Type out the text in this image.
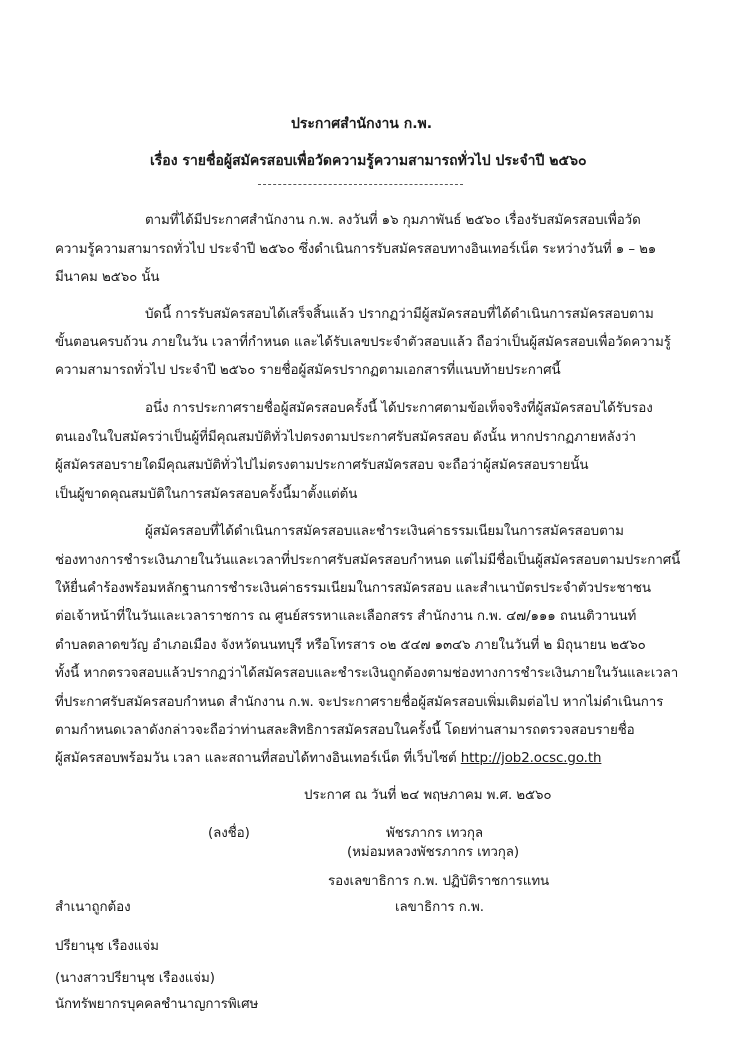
ประกาศสำนักงาน ก.พ.
เรื่อง รายชื่อผู้สมัครสอบเพื่อวัดความรู้ความสามารถทั่วไป ประจำปี ๒๕๖๐
ตามที่ได้มีประกาศสำนักงาน ก.พ. ลงวันที่ ๑๖ กุมภาพันธ์ ๒๕๖๐ เรื่องรับสมัครสอบเพื่อวัด
ความรู้ความสามารถทั่วไป ประจำปี ๒๕๖๐ ซึ่งดำเนินการรับสมัครสอบทางอินเทอร์เน็ต ระหว่างวันที่ ๑ – ๒๑
มีนาคม ๒๕๖๐ นั้น
บัดนี้ การรับสมัครสอบได้เสร็จสิ้นแล้ว ปรากฏว่ามีผู้สมัครสอบที่ได้ดำเนินการสมัครสอบตาม
ขั้นตอนครบถ้วน ภายในวัน เวลาที่กำหนด และได้รับเลขประจำตัวสอบแล้ว ถือว่าเป็นผู้สมัครสอบเพื่อวัดความรู้
ความสามารถทั่วไป ประจำปี ๒๕๖๐ รายชื่อผู้สมัครปรากฏตามเอกสารที่แนบท้ายประกาศนี้
อนึ่ง การประกาศรายชื่อผู้สมัครสอบครั้งนี้ ได้ประกาศตามข้อเท็จจริงที่ผู้สมัครสอบได้รับรอง
ตนเองในใบสมัครว่าเป็นผู้ที่มีคุณสมบัติทั่วไปตรงตามประกาศรับสมัครสอบ ดังนั้น หากปรากฏภายหลังว่า
ผู้สมัครสอบรายใดมีคุณสมบัติทั่วไปไม่ตรงตามประกาศรับสมัครสอบ จะถือว่าผู้สมัครสอบรายนั้น
เป็นผู้ขาดคุณสมบัติในการสมัครสอบครั้งนี้มาตั้งแต่ต้น
ผู้สมัครสอบที่ได้ดำเนินการสมัครสอบและชำระเงินค่าธรรมเนียมในการสมัครสอบตาม
ช่องทางการชำระเงินภายในวันและเวลาที่ประกาศรับสมัครสอบกำหนด แต่ไม่มีชื่อเป็นผู้สมัครสอบตามประกาศนี้
ให้ยื่นคำร้องพร้อมหลักฐานการชำระเงินค่าธรรมเนียมในการสมัครสอบ และสำเนาบัตรประจำตัวประชาชน
ต่อเจ้าหน้าที่ในวันและเวลาราชการ ณ ศูนย์สรรหาและเลือกสรร สำนักงาน ก.พ. ๔๗/๑๑๑ ถนนติวานนท์
ตำบลตลาดขวัญ อำเภอเมือง จังหวัดนนทบุรี หรือโทรสาร ๐๒ ๕๔๗ ๑๓๔๖ ภายในวันที่ ๒ มิถุนายน ๒๕๖๐
ทั้งนี้ หากตรวจสอบแล้วปรากฏว่าได้สมัครสอบและชำระเงินถูกต้องตามช่องทางการชำระเงินภายในวันและเวลา
ที่ประกาศรับสมัครสอบกำหนด สำนักงาน ก.พ. จะประกาศรายชื่อผู้สมัครสอบเพิ่มเติมต่อไป หากไม่ดำเนินการ
ตามกำหนดเวลาดังกล่าวจะถือว่าท่านสละสิทธิการสมัครสอบในครั้งนี้ โดยท่านสามารถตรวจสอบรายชื่อ
ผู้สมัครสอบพร้อมวัน เวลา และสถานที่สอบได้ทางอินเทอร์เน็ต ที่เว็บไซต์ http://job2.ocsc.go.th
ประกาศ ณ วันที่ ๒๔ พฤษภาคม พ.ศ. ๒๕๖๐
(ลงชื่อ)	พัชรภากร เทวกุล
(หม่อมหลวงพัชรภากร เทวกุล)
รองเลขาธิการ ก.พ. ปฏิบัติราชการแทน
เลขาธิการ ก.พ.
สำเนาถูกต้อง
ปรียานุช เรืองแจ่ม
(นางสาวปรียานุช เรืองแจ่ม)
นักทรัพยากรบุคคลชำนาญการพิเศษ
